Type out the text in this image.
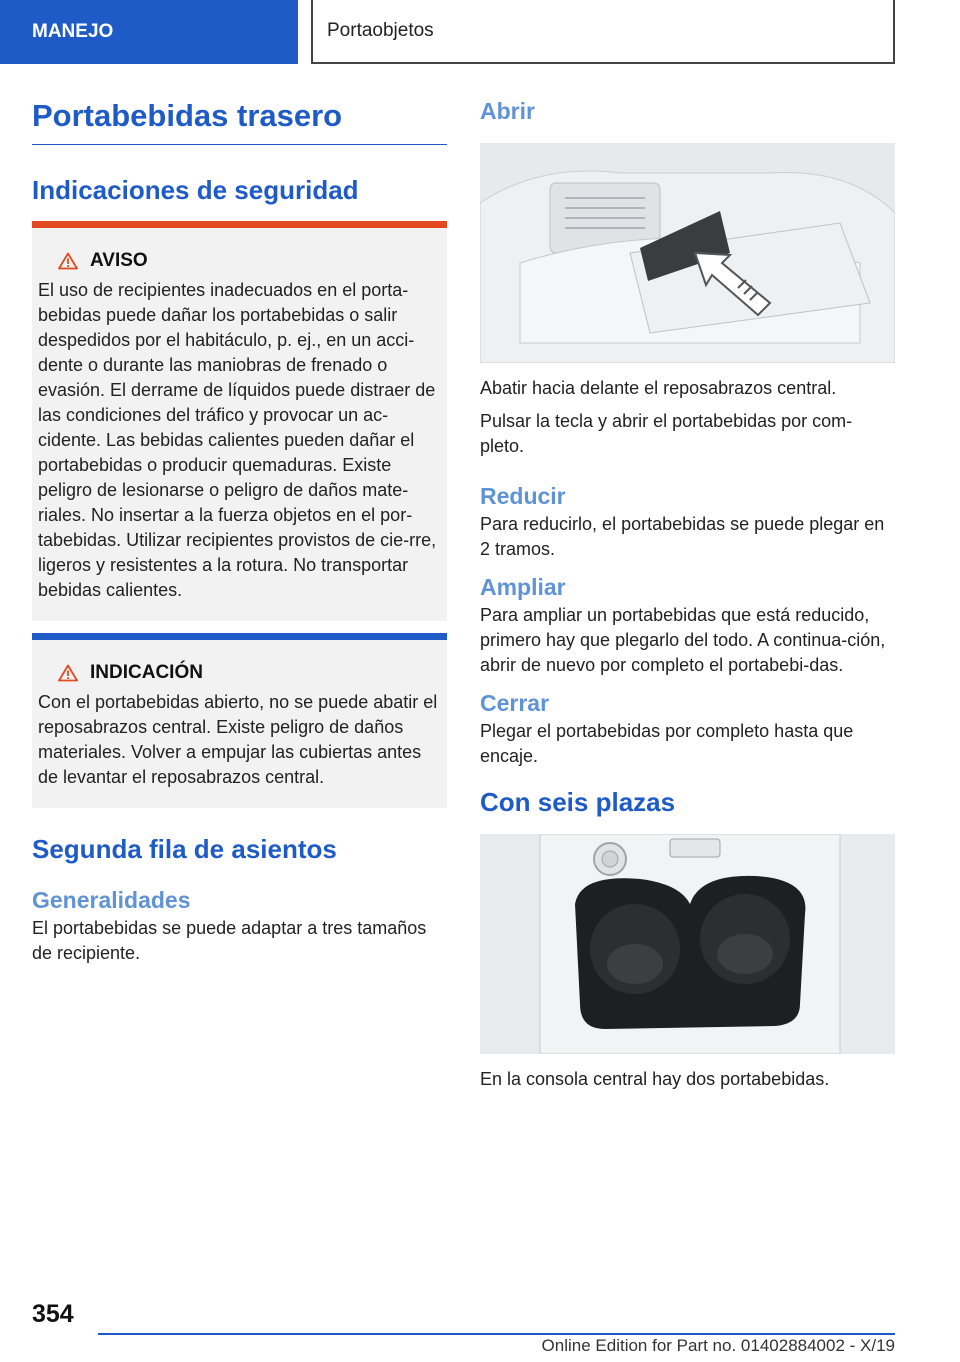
MANEJO	Portaobjetos
Portabebidas trasero
Indicaciones de seguridad
AVISO

El uso de recipientes inadecuados en el porta-bebidas puede dañar los portabebidas o salir despedidos por el habitáculo, p. ej., en un acci-dente o durante las maniobras de frenado o evasión. El derrame de líquidos puede distraer de las condiciones del tráfico y provocar un ac-cidente. Las bebidas calientes pueden dañar el portabebidas o producir quemaduras. Existe peligro de lesionarse o peligro de daños mate-riales. No insertar a la fuerza objetos en el por-tabebidas. Utilizar recipientes provistos de cie-rre, ligeros y resistentes a la rotura. No transportar bebidas calientes.

INDICACIÓN

Con el portabebidas abierto, no se puede abatir el reposabrazos central. Existe peligro de daños materiales. Volver a empujar las cubiertas antes de levantar el reposabrazos central.

Segunda fila de asientos
Generalidades

El portabebidas se puede adaptar a tres tamaños de recipiente.

Abrir

Abatir hacia delante el reposabrazos central.

Pulsar la tecla y abrir el portabebidas por com-pleto.

Reducir

Para reducirlo, el portabebidas se puede plegar en 2 tramos.

Ampliar

Para ampliar un portabebidas que está reducido, primero hay que plegarlo del todo. A continua-ción, abrir de nuevo por completo el portabebi-das.

Cerrar

Plegar el portabebidas por completo hasta que encaje.

Con seis plazas

En la consola central hay dos portabebidas.

354
Online Edition for Part no. 01402884002 - X/19
